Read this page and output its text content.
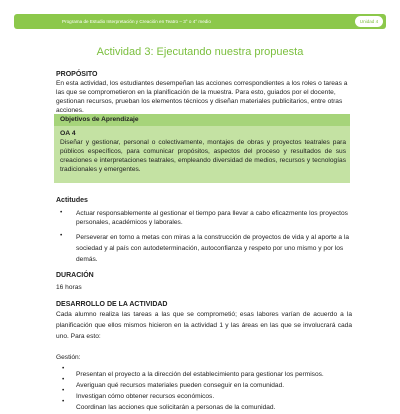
Programa de Estudio Interpretación y Creación en Teatro – 3° o 4° medio	Unidad 4
Actividad 3: Ejecutando nuestra propuesta
PROPÓSITO
En esta actividad, los estudiantes desempeñan las acciones correspondientes a los roles o tareas a las que se comprometieron en la planificación de la muestra. Para esto, guiados por el docente, gestionan recursos, prueban los elementos técnicos y diseñan materiales publicitarios, entre otras acciones.
Objetivos de Aprendizaje
OA 4
Diseñar y gestionar, personal o colectivamente, montajes de obras y proyectos teatrales para públicos específicos, para comunicar propósitos, aspectos del proceso y resultados de sus creaciones e interpretaciones teatrales, empleando diversidad de medios, recursos y tecnologías tradicionales y emergentes.
Actitudes
• Actuar responsablemente al gestionar el tiempo para llevar a cabo eficazmente los proyectos personales, académicos y laborales.
• Perseverar en torno a metas con miras a la construcción de proyectos de vida y al aporte a la sociedad y al país con autodeterminación, autoconfianza y respeto por uno mismo y por los demás.
DURACIÓN
16 horas
DESARROLLO DE LA ACTIVIDAD
Cada alumno realiza las tareas a las que se comprometió; esas labores varían de acuerdo a la planificación que ellos mismos hicieron en la actividad 1 y las áreas en las que se involucrará cada uno. Para esto:
Gestión:
•
Presentan el proyecto a la dirección del establecimiento para gestionar los permisos.
•
Averiguan qué recursos materiales pueden conseguir en la comunidad.
•
Investigan cómo obtener recursos económicos.
•
Coordinan las acciones que solicitarán a personas de la comunidad.
